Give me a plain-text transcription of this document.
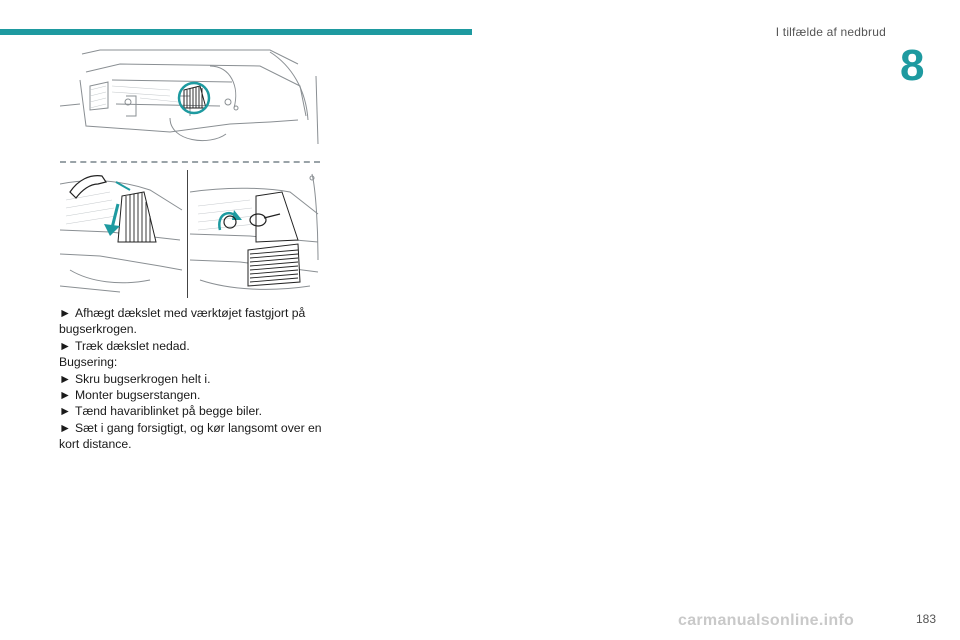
I tilfælde af nedbrud
8

► Afhægt dækslet med værktøjet fastgjort på bugserkrogen.

► Træk dækslet nedad.

Bugsering:

► Skru bugserkrogen helt i.

► Monter bugserstangen.

► Tænd havariblinket på begge biler.

► Sæt i gang forsigtigt, og kør langsomt over en kort distance.

carmanualsonline.info	183
